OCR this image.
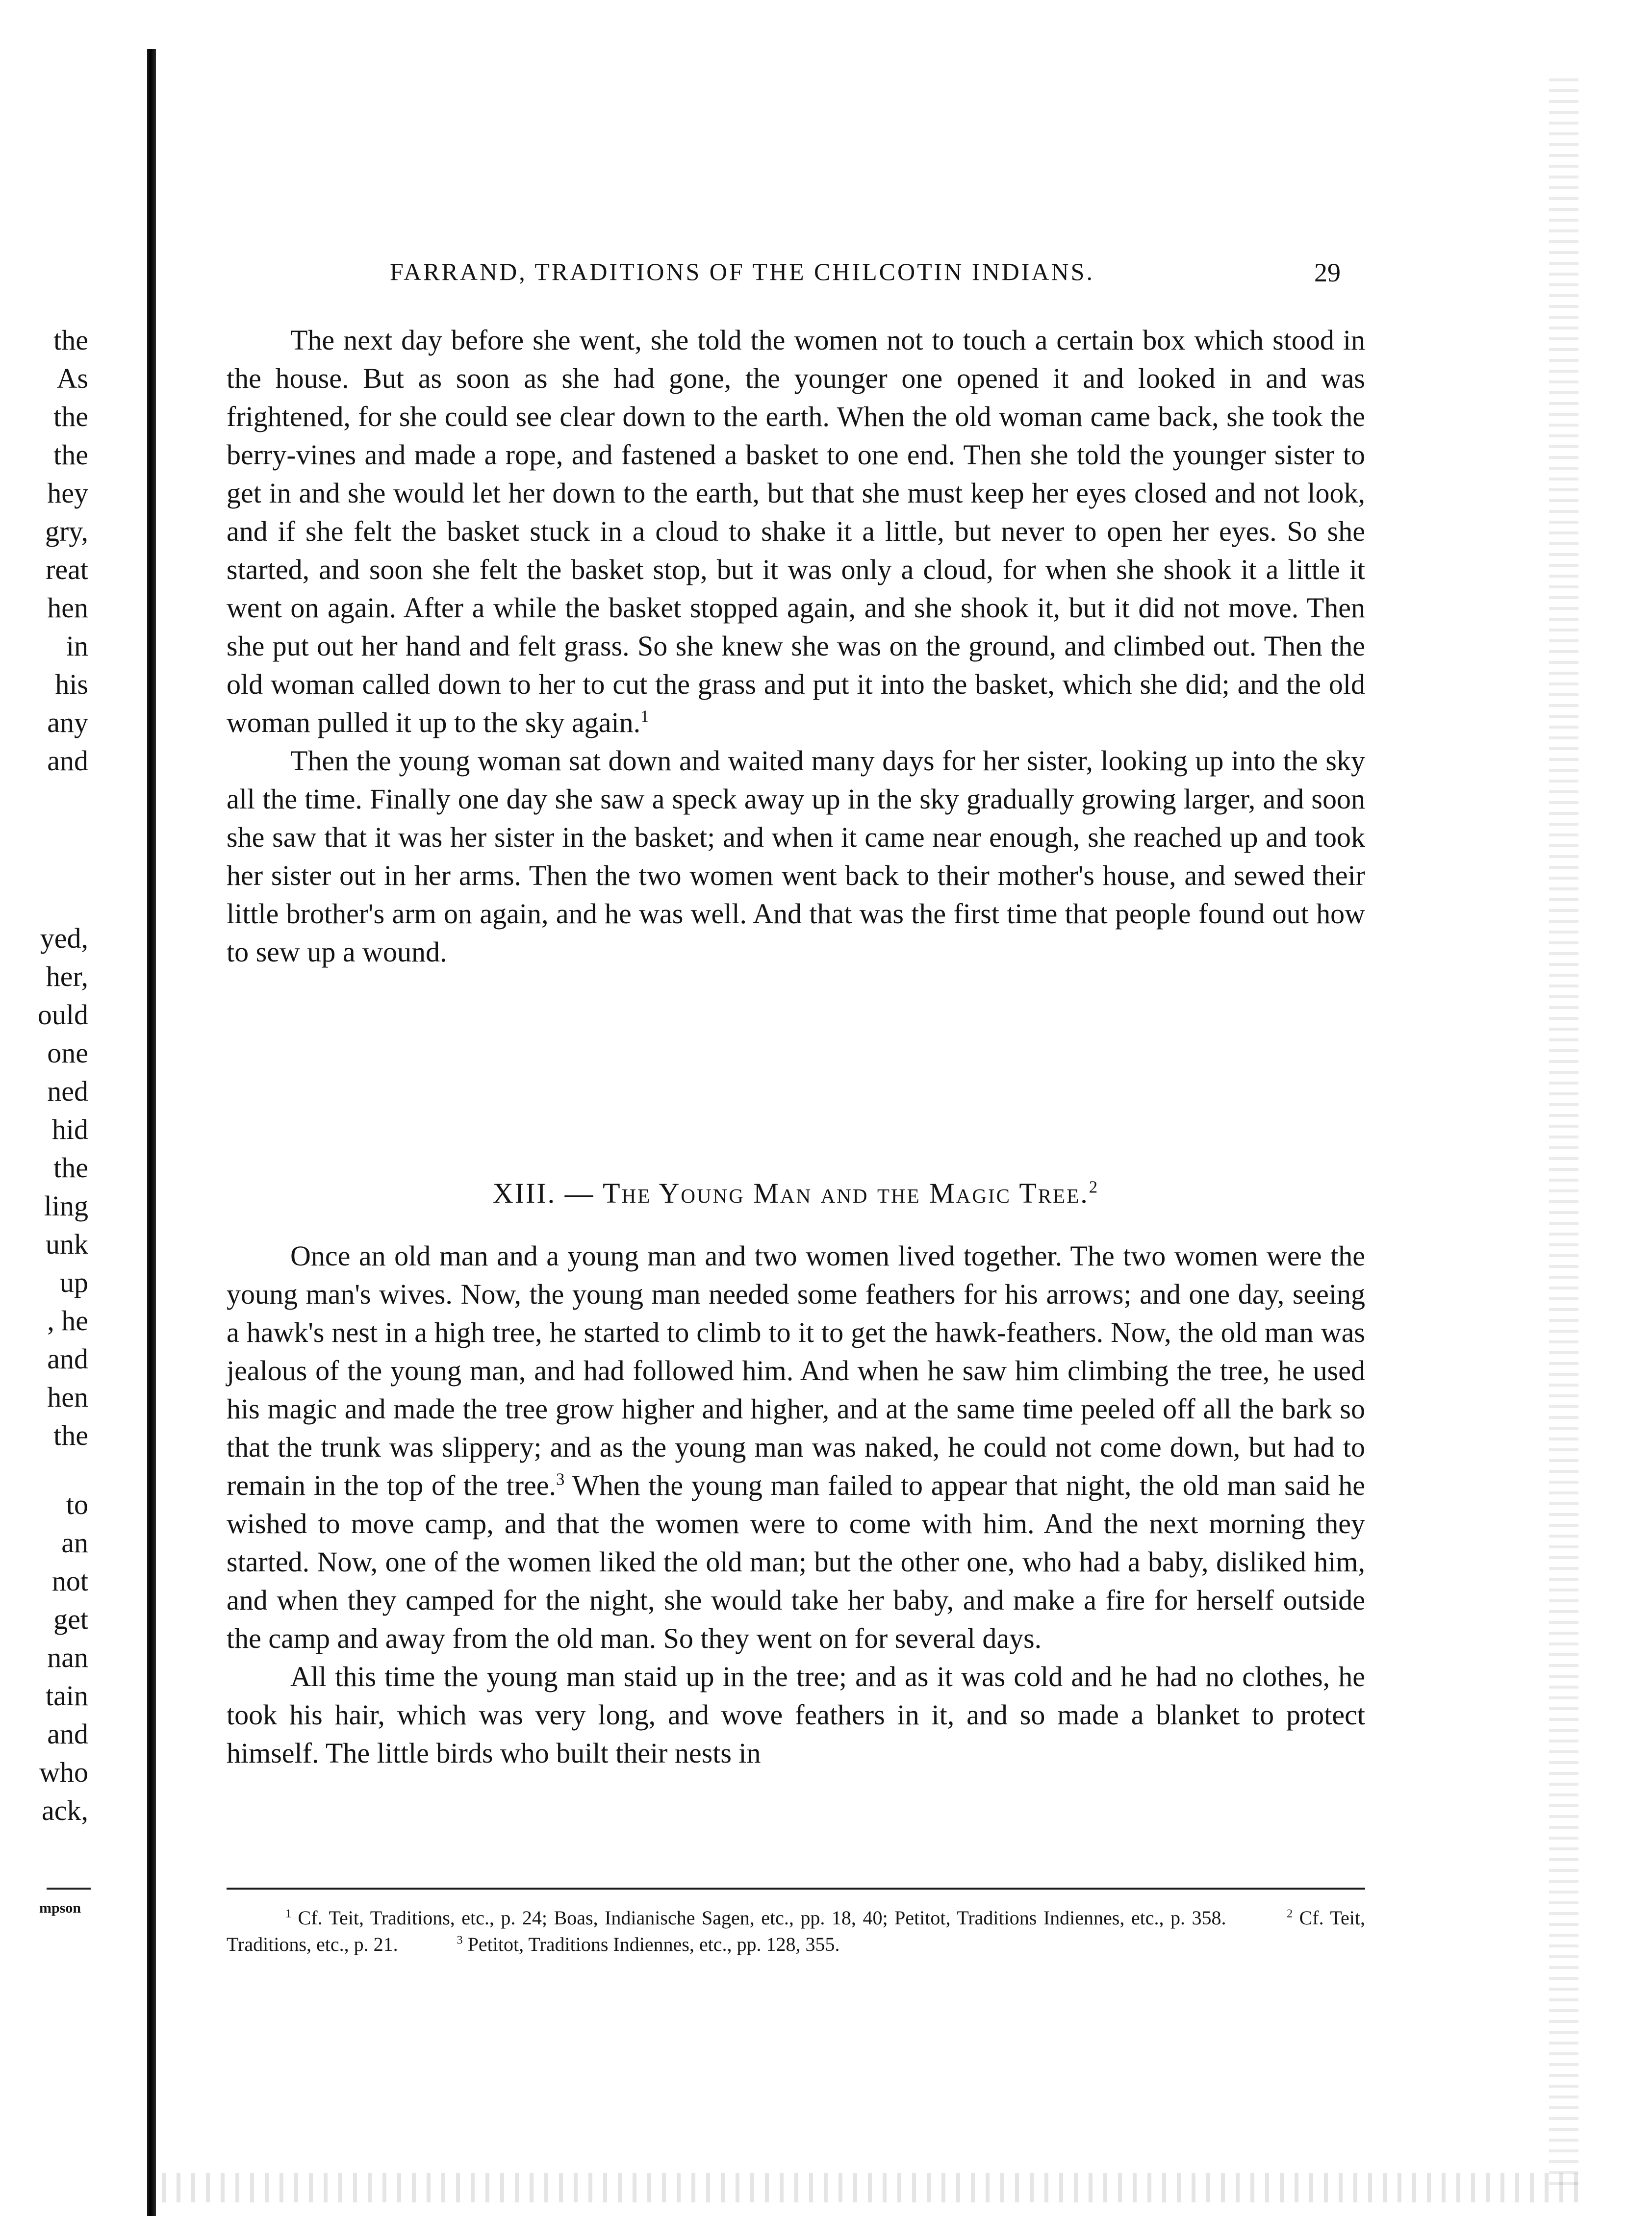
the
As
the
the
hey
gry,
reat
hen
in
his
any
and
yed,
her,
ould
one
ned
hid
the
ling
unk
up
, he
and
hen
the
to
an
not
get
nan
tain
and
who
ack,
mpson
FARRAND, TRADITIONS OF THE CHILCOTIN INDIANS.	29

The next day before she went, she told the women not to touch a certain box which stood in the house. But as soon as she had gone, the younger one opened it and looked in and was frightened, for she could see clear down to the earth. When the old woman came back, she took the berry-vines and made a rope, and fastened a basket to one end. Then she told the younger sister to get in and she would let her down to the earth, but that she must keep her eyes closed and not look, and if she felt the basket stuck in a cloud to shake it a little, but never to open her eyes. So she started, and soon she felt the basket stop, but it was only a cloud, for when she shook it a little it went on again. After a while the basket stopped again, and she shook it, but it did not move. Then she put out her hand and felt grass. So she knew she was on the ground, and climbed out. Then the old woman called down to her to cut the grass and put it into the basket, which she did; and the old woman pulled it up to the sky again.$^1$

Then the young woman sat down and waited many days for her sister, looking up into the sky all the time. Finally one day she saw a speck away up in the sky gradually growing larger, and soon she saw that it was her sister in the basket; and when it came near enough, she reached up and took her sister out in her arms. Then the two women went back to their mother's house, and sewed their little brother's arm on again, and he was well. And that was the first time that people found out how to sew up a wound.

XIII. — The Young Man and the Magic Tree.$^2$

Once an old man and a young man and two women lived together. The two women were the young man's wives. Now, the young man needed some feathers for his arrows; and one day, seeing a hawk's nest in a high tree, he started to climb to it to get the hawk-feathers. Now, the old man was jealous of the young man, and had followed him. And when he saw him climbing the tree, he used his magic and made the tree grow higher and higher, and at the same time peeled off all the bark so that the trunk was slippery; and as the young man was naked, he could not come down, but had to remain in the top of the tree.$^3$ When the young man failed to appear that night, the old man said he wished to move camp, and that the women were to come with him. And the next morning they started. Now, one of the women liked the old man; but the other one, who had a baby, disliked him, and when they camped for the night, she would take her baby, and make a fire for herself outside the camp and away from the old man. So they went on for several days.

All this time the young man staid up in the tree; and as it was cold and he had no clothes, he took his hair, which was very long, and wove feathers in it, and so made a blanket to protect himself. The little birds who built their nests in

$^1$ Cf. Teit, Traditions, etc., p. 24; Boas, Indianische Sagen, etc., pp. 18, 40; Petitot, Traditions Indiennes, etc., p. 358.	$^2$ Cf. Teit, Traditions, etc., p. 21.	$^3$ Petitot, Traditions Indiennes, etc., pp. 128, 355.
